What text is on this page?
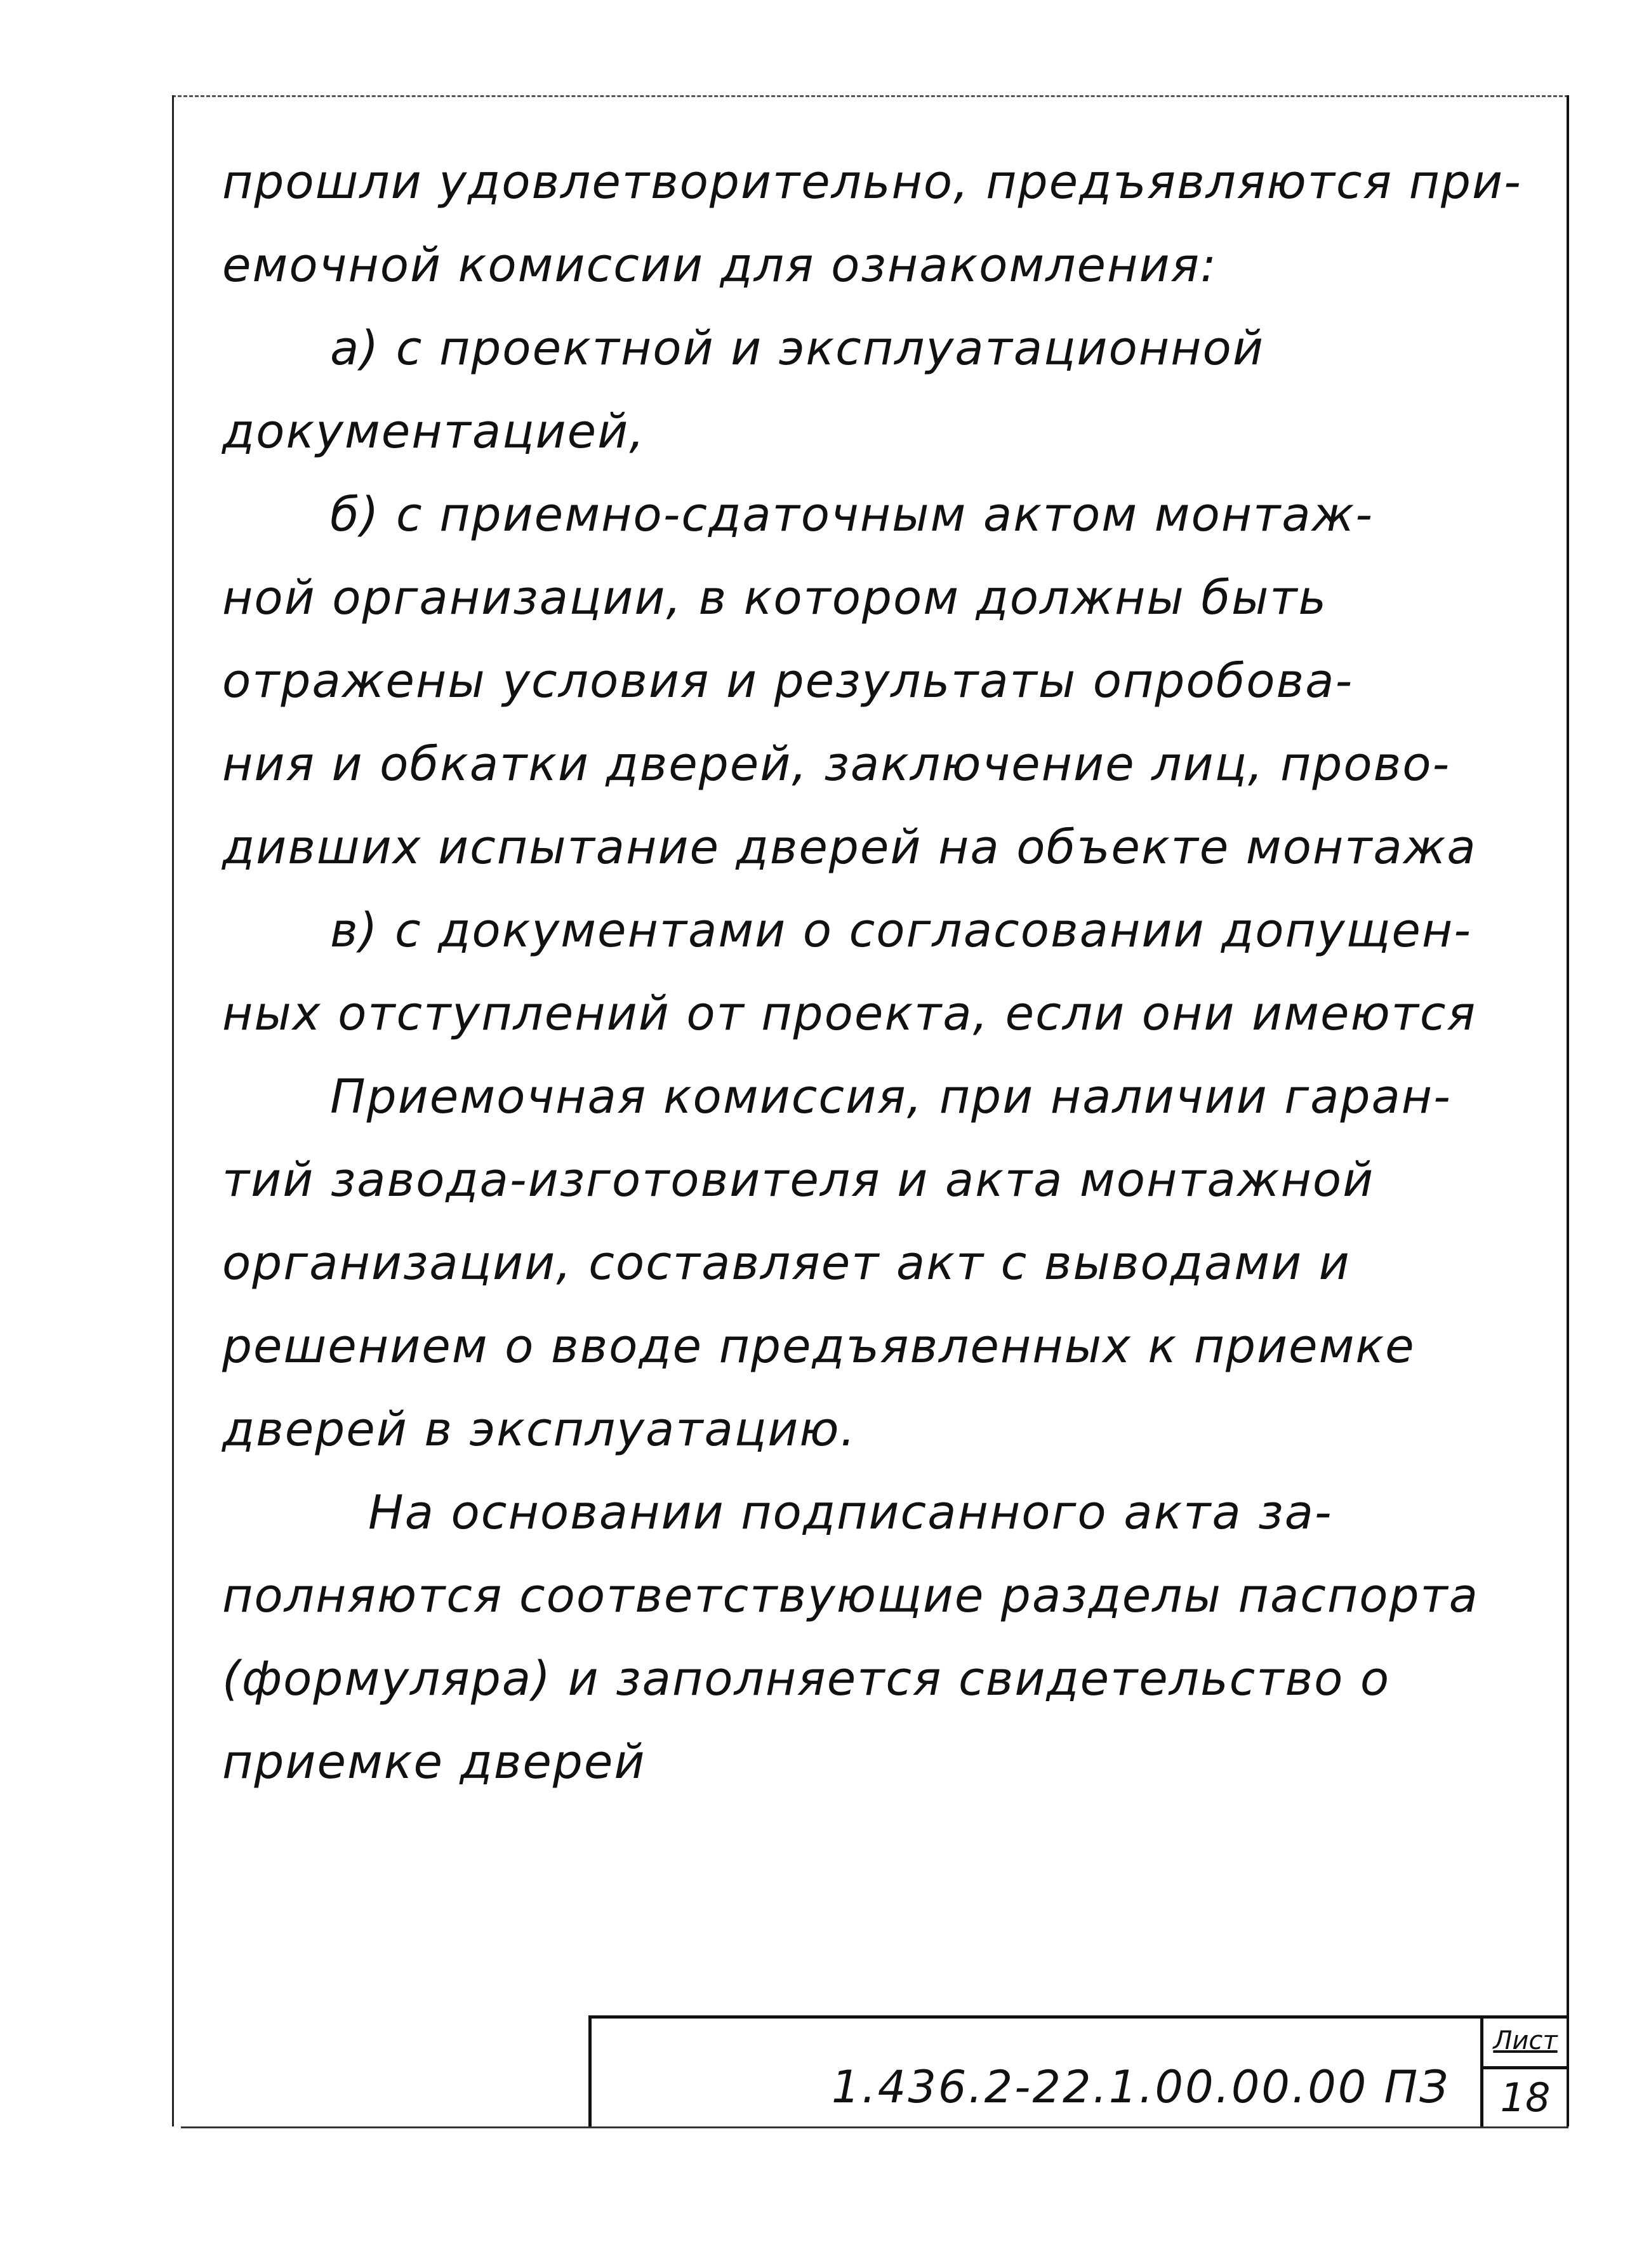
прошли удовлетворительно, предъявляются при-
емочной комиссии для ознакомления:
а) с проектной и эксплуатационной
документацией,
б) с приемно-сдаточным актом монтаж-
ной организации, в котором должны быть
отражены условия и результаты опробова-
ния и обкатки дверей, заключение лиц, прово-
дивших испытание дверей на объекте монтажа
в) с документами о согласовании допущен-
ных отступлений от проекта, если они имеются
Приемочная комиссия, при наличии гаран-
тий завода-изготовителя и акта монтажной
организации, составляет акт с выводами и
решением о вводе предъявленных к приемке
дверей в эксплуатацию.
На основании подписанного акта за-
полняются соответствующие разделы паспорта
(формуляра) и заполняется свидетельство о
приемке дверей
1.436.2-22.1.00.00.00 ПЗ
Лист
18
